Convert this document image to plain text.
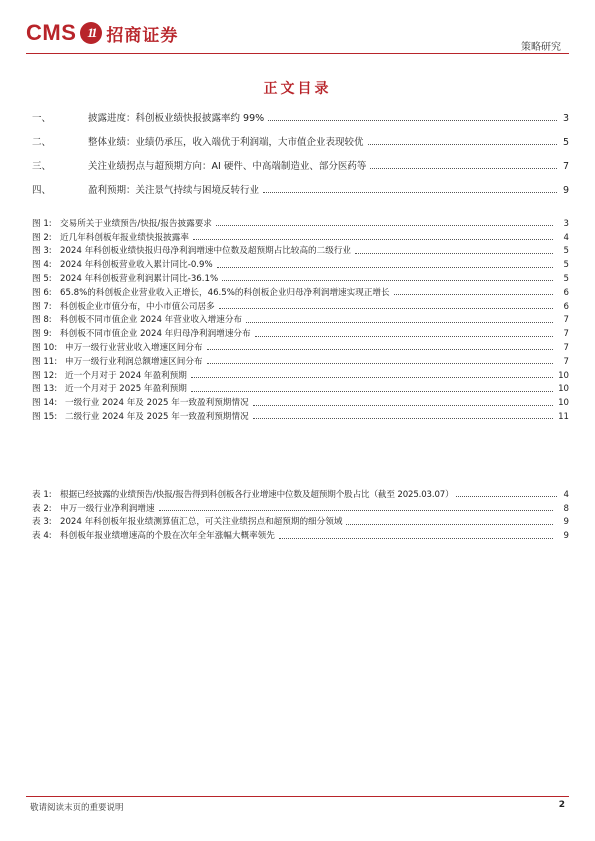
CMS 11 招商证券
策略研究
正文目录
一、	披露进度：科创板业绩快报披露率约 99%	3
二、	整体业绩：业绩仍承压，收入端优于利润端，大市值企业表现较优	5
三、	关注业绩拐点与超预期方向：AI 硬件、中高端制造业、部分医药等	7
四、	盈利预期：关注景气持续与困境反转行业	9
图 1: 交易所关于业绩预告/快报/报告披露要求	3
图 2: 近几年科创板年报业绩快报披露率	4
图 3: 2024 年科创板业绩快报归母净利润增速中位数及超预期占比较高的二级行业	5
图 4: 2024 年科创板营业收入累计同比-0.9%	5
图 5: 2024 年科创板营业利润累计同比-36.1%	5
图 6: 65.8%的科创板企业营业收入正增长，46.5%的科创板企业归母净利润增速实现正增长	6
图 7: 科创板企业市值分布，中小市值公司居多	6
图 8: 科创板不同市值企业 2024 年营业收入增速分布	7
图 9: 科创板不同市值企业 2024 年归母净利润增速分布	7
图 10: 申万一级行业营业收入增速区间分布	7
图 11: 申万一级行业利润总额增速区间分布	7
图 12: 近一个月对于 2024 年盈利预期	10
图 13: 近一个月对于 2025 年盈利预期	10
图 14: 一级行业 2024 年及 2025 年一致盈利预期情况	10
图 15: 二级行业 2024 年及 2025 年一致盈利预期情况	11
表 1: 根据已经披露的业绩预告/快报/报告得到科创板各行业增速中位数及超预期个股占比（截至 2025.03.07）	4
表 2: 申万一级行业净利润增速	8
表 3: 2024 年科创板年报业绩测算值汇总，可关注业绩拐点和超预期的细分领域	9
表 4: 科创板年报业绩增速高的个股在次年全年涨幅大概率领先	9
敬请阅读末页的重要说明	2
